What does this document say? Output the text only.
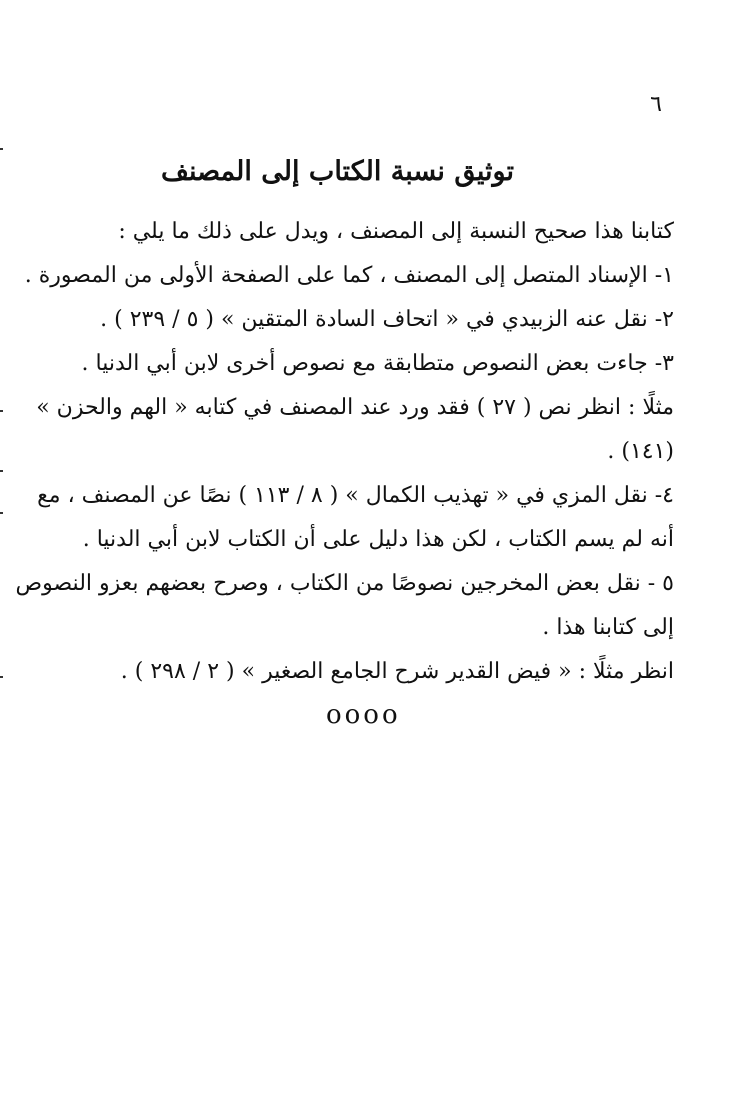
٦
توثيق نسبة الكتاب إلى المصنف
كتابنا هذا صحيح النسبة إلى المصنف ، ويدل على ذلك ما يلي :
١- الإسناد المتصل إلى المصنف ، كما على الصفحة الأولى من المصورة .
٢- نقل عنه الزبيدي في « اتحاف السادة المتقين » ( ٥ / ٢٣٩ ) .
٣- جاءت بعض النصوص متطابقة مع نصوص أخرى لابن أبي الدنيا .
مثلًا : انظر نص ( ٢٧ ) فقد ورد عند المصنف في كتابه « الهم والحزن »
(١٤١) .
٤- نقل المزي في « تهذيب الكمال » ( ٨ / ١١٣ ) نصًا عن المصنف ، مع
أنه لم يسم الكتاب ، لكن هذا دليل على أن الكتاب لابن أبي الدنيا .
٥ - نقل بعض المخرجين نصوصًا من الكتاب ، وصرح بعضهم بعزو النصوص
إلى كتابنا هذا .
انظر مثلًا : « فيض القدير شرح الجامع الصغير » ( ٢ / ٢٩٨ ) .
oooo
